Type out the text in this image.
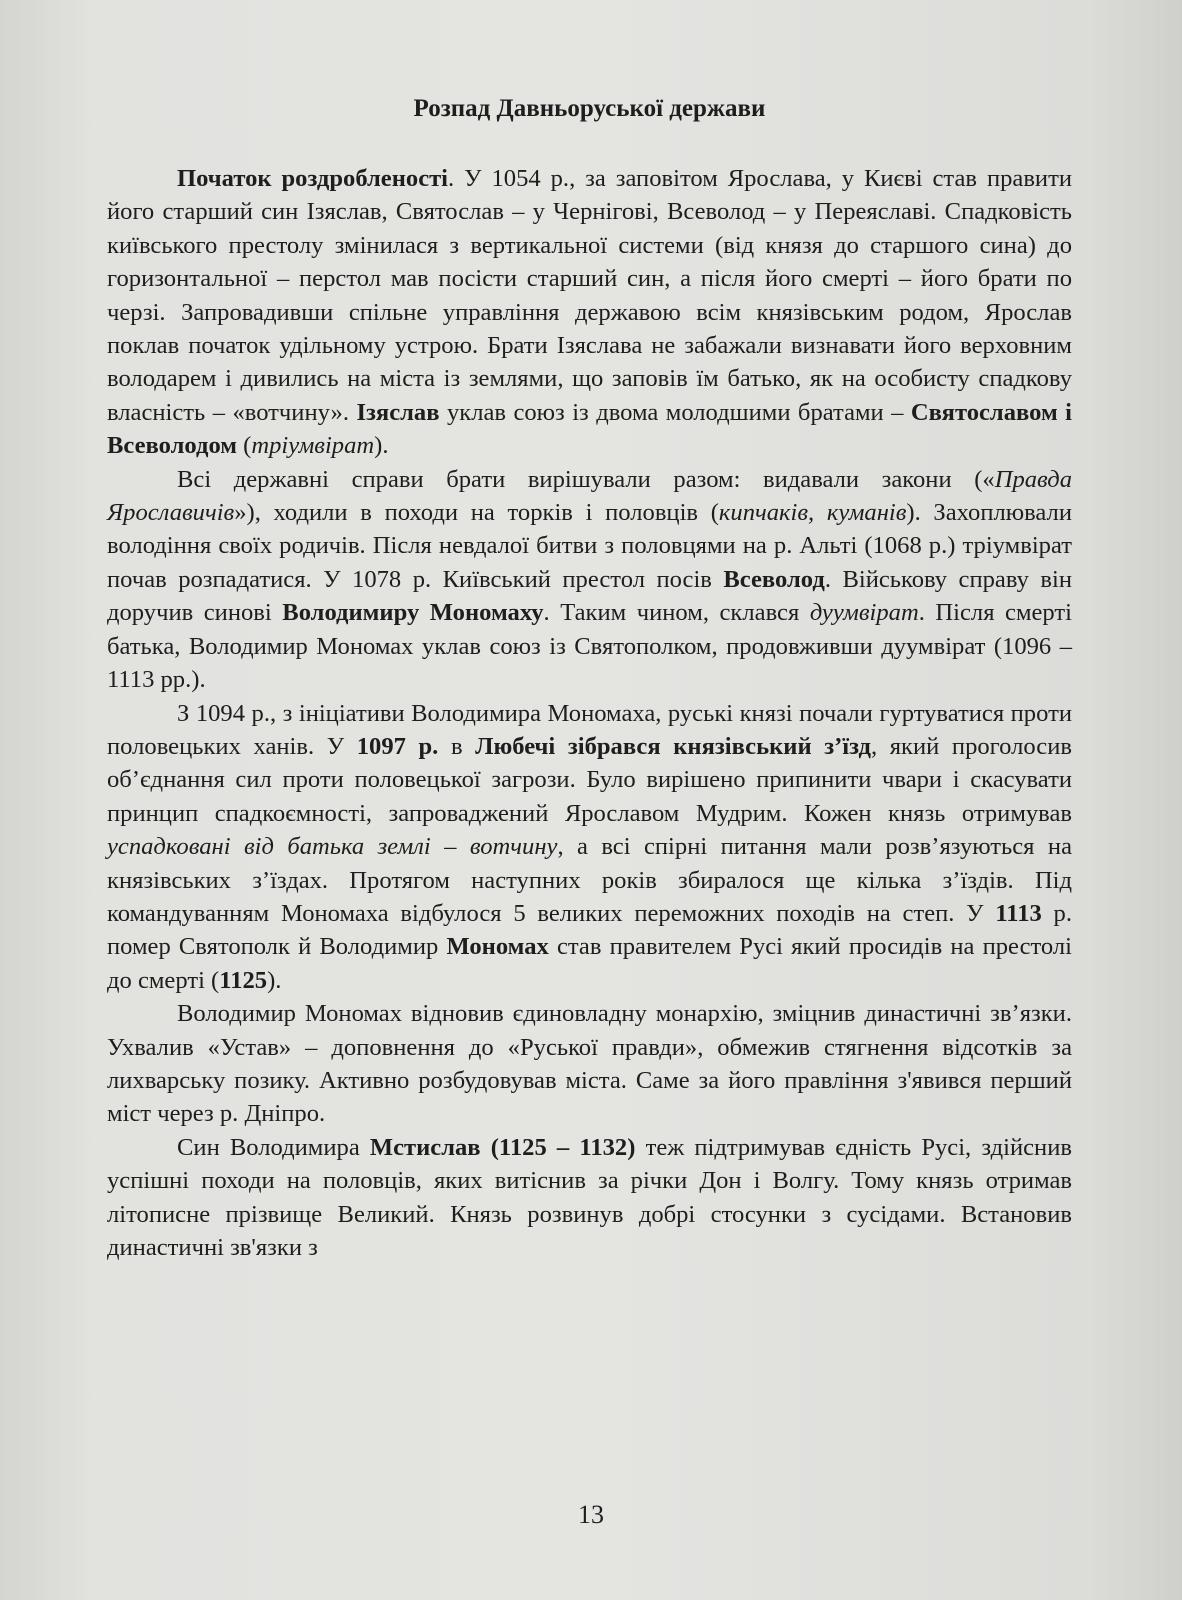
Розпад Давньоруської держави

Початок роздробленості. У 1054 р., за заповітом Ярослава, у Києві став правити його старший син Ізяслав, Святослав – у Чернігові, Всеволод – у Переяславі. Спадковість київського престолу змінилася з вертикальної системи (від князя до старшого сина) до горизонтальної – перстол мав посісти старший син, а після його смерті – його брати по черзі. Запровадивши спільне управління державою всім князівським родом, Ярослав поклав початок удільному устрою. Брати Ізяслава не забажали визнавати його верховним володарем і дивились на міста із землями, що заповів їм батько, як на особисту спадкову власність – «вотчину». Ізяслав уклав союз із двома молодшими братами – Святославом і Всеволодом (тріумвірат).

Всі державні справи брати вирішували разом: видавали закони («Правда Ярославичів»), ходили в походи на торків і половців (кипчаків, куманів). Захоплювали володіння своїх родичів. Після невдалої битви з половцями на р. Альті (1068 р.) тріумвірат почав розпадатися. У 1078 р. Київський престол посів Всеволод. Військову справу він доручив синові Володимиру Мономаху. Таким чином, склався дуумвірат. Після смерті батька, Володимир Мономах уклав союз із Святополком, продовживши дуумвірат (1096 – 1113 рр.).

З 1094 р., з ініціативи Володимира Мономаха, руські князі почали гуртуватися проти половецьких ханів. У 1097 р. в Любечі зібрався князівський з’їзд, який проголосив об’єднання сил проти половецької загрози. Було вирішено припинити чвари і скасувати принцип спадкоємності, запроваджений Ярославом Мудрим. Кожен князь отримував успадковані від батька землі – вотчину, а всі спірні питання мали розв’язуються на князівських з’їздах. Протягом наступних років збиралося ще кілька з’їздів. Під командуванням Мономаха відбулося 5 великих переможних походів на степ. У 1113 р. помер Святополк й Володимир Мономах став правителем Русі який просидів на престолі до смерті (1125).

Володимир Мономах відновив єдиновладну монархію, зміцнив династичні зв’язки. Ухвалив «Устав» – доповнення до «Руської правди», обмежив стягнення відсотків за лихварську позику. Активно розбудовував міста. Саме за його правління з'явився перший міст через р. Дніпро.

Син Володимира Мстислав (1125 – 1132) теж підтримував єдність Русі, здійснив успішні походи на половців, яких витіснив за річки Дон і Волгу. Тому князь отримав літописне прізвище Великий. Князь розвинув добрі стосунки з сусідами. Встановив династичні зв'язки з

13
